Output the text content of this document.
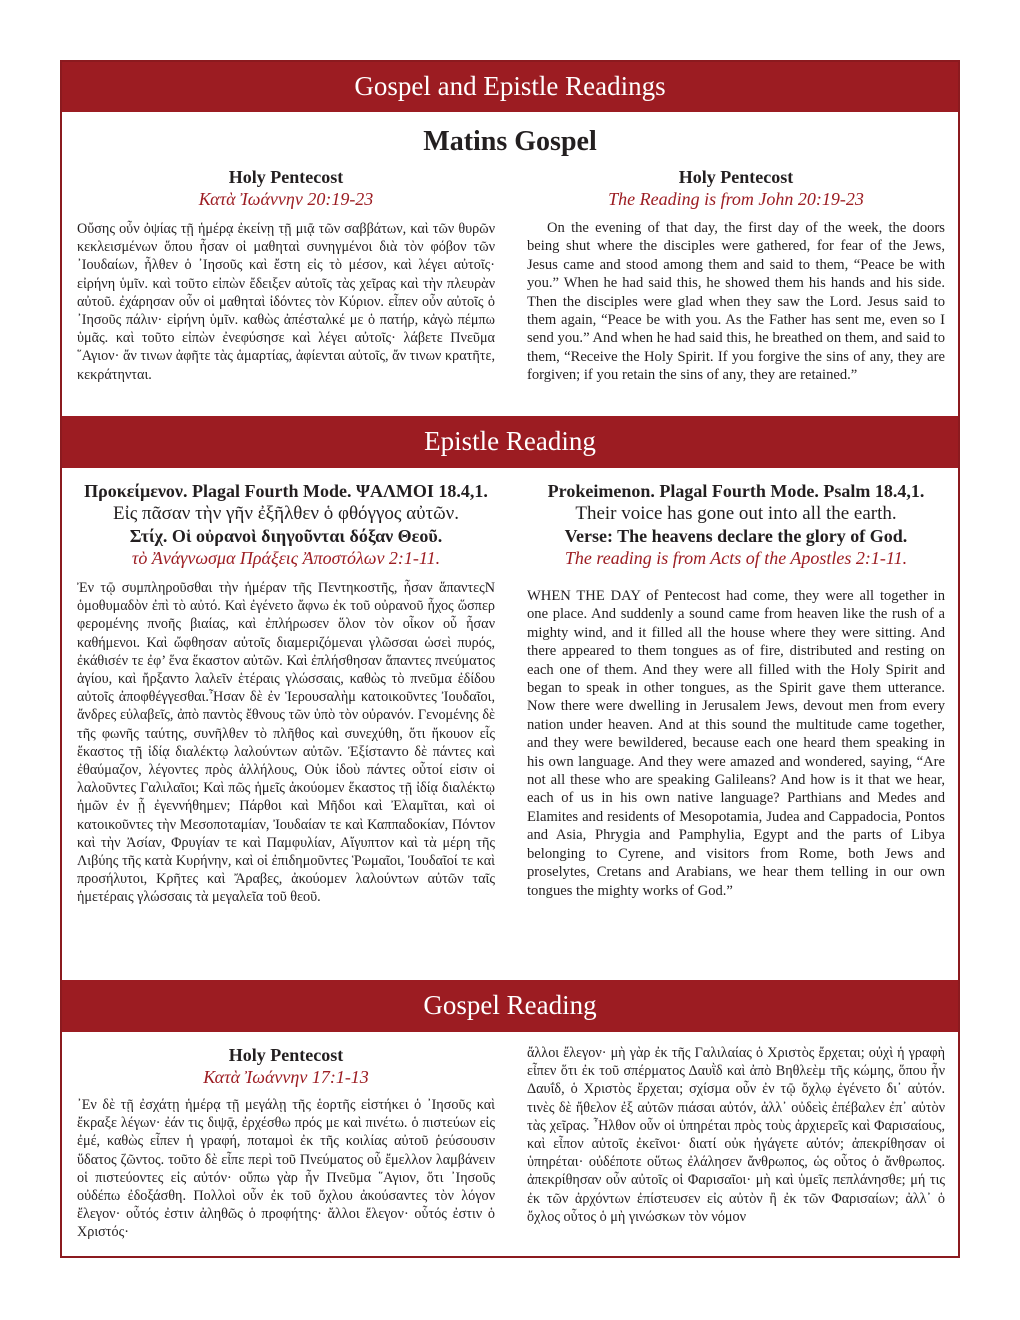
Gospel and Epistle Readings
Matins Gospel
Holy Pentecost
Κατὰ Ἰωάννην 20:19-23

Οὔσης οὖν ὀψίας τῇ ἡμέρᾳ ἐκείνῃ τῇ μιᾷ τῶν σαββάτων, καὶ τῶν θυρῶν κεκλεισμένων ὅπου ἦσαν οἱ μαθηταὶ συνηγμένοι διὰ τὸν φόβον τῶν ᾿Ιουδαίων, ἦλθεν ὁ ᾿Ιησοῦς καὶ ἔστη εἰς τὸ μέσον, καὶ λέγει αὐτοῖς· εἰρήνη ὑμῖν. καὶ τοῦτο εἰπὼν ἔδειξεν αὐτοῖς τὰς χεῖρας καὶ τὴν πλευρὰν αὐτοῦ. ἐχάρησαν οὖν οἱ μαθηταὶ ἰδόντες τὸν Κύριον. εἶπεν οὖν αὐτοῖς ὁ ᾿Ιησοῦς πάλιν· εἰρήνη ὑμῖν. καθὼς ἀπέσταλκέ με ὁ πατήρ, κἀγὼ πέμπω ὑμᾶς. καὶ τοῦτο εἰπὼν ἐνεφύσησε καὶ λέγει αὐτοῖς· λάβετε Πνεῦμα ῞Αγιον· ἄν τινων ἀφῆτε τὰς ἁμαρτίας, ἀφίενται αὐτοῖς, ἄν τινων κρατῆτε, κεκράτηνται.

Holy Pentecost
The Reading is from John 20:19-23

On the evening of that day, the first day of the week, the doors being shut where the disciples were gathered, for fear of the Jews, Jesus came and stood among them and said to them, “Peace be with you.” When he had said this, he showed them his hands and his side. Then the disciples were glad when they saw the Lord. Jesus said to them again, “Peace be with you. As the Father has sent me, even so I send you.” And when he had said this, he breathed on them, and said to them, “Receive the Holy Spirit. If you forgive the sins of any, they are forgiven; if you retain the sins of any, they are retained.”

Epistle Reading
Προκείμενον. Plagal Fourth Mode. ΨΑΛΜΟΙ 18.4,1.
Εἰς πᾶσαν τὴν γῆν ἐξῆλθεν ὁ φθόγγος αὐτῶν.
Στίχ. Οἱ οὐρανοὶ διηγοῦνται δόξαν Θεοῦ.
τὸ Ἀνάγνωσμα Πράξεις Ἀποστόλων 2:1-11.

Ἐν τῷ συμπληροῦσθαι τὴν ἡμέραν τῆς Πεντηκοστῆς, ἦσαν ἅπαντεςΝ ὁμοθυμαδὸν ἐπὶ τὸ αὐτό. Καὶ ἐγένετο ἄφνω ἐκ τοῦ οὐρανοῦ ἦχος ὥσπερ φερομένης πνοῆς βιαίας, καὶ ἐπλήρωσεν ὅλον τὸν οἶκον οὗ ἦσαν καθήμενοι. Καὶ ὤφθησαν αὐτοῖς διαμεριζόμεναι γλῶσσαι ὡσεὶ πυρός, ἐκάθισέν τε ἐφ’ ἕνα ἕκαστον αὐτῶν. Καὶ ἐπλήσθησαν ἅπαντες πνεύματος ἁγίου, καὶ ἤρξαντο λαλεῖν ἑτέραις γλώσσαις, καθὼς τὸ πνεῦμα ἐδίδου αὐτοῖς ἀποφθέγγεσθαι.Ἦσαν δὲ ἐν Ἱερουσαλὴμ κατοικοῦντες Ἰουδαῖοι, ἄνδρες εὐλαβεῖς, ἀπὸ παντὸς ἔθνους τῶν ὑπὸ τὸν οὐρανόν. Γενομένης δὲ τῆς φωνῆς ταύτης, συνῆλθεν τὸ πλῆθος καὶ συνεχύθη, ὅτι ἤκουον εἷς ἕκαστος τῇ ἰδίᾳ διαλέκτῳ λαλούντων αὐτῶν. Ἐξίσταντο δὲ πάντες καὶ ἐθαύμαζον, λέγοντες πρὸς ἀλλήλους, Οὐκ ἰδοὺ πάντες οὗτοί εἰσιν οἱ λαλοῦντες Γαλιλαῖοι; Καὶ πῶς ἡμεῖς ἀκούομεν ἕκαστος τῇ ἰδίᾳ διαλέκτῳ ἡμῶν ἐν ᾗ ἐγεννήθημεν; Πάρθοι καὶ Μῆδοι καὶ Ἐλαμῖται, καὶ οἱ κατοικοῦντες τὴν Μεσοποταμίαν, Ἰουδαίαν τε καὶ Καππαδοκίαν, Πόντον καὶ τὴν Ἀσίαν, Φρυγίαν τε καὶ Παμφυλίαν, Αἴγυπτον καὶ τὰ μέρη τῆς Λιβύης τῆς κατὰ Κυρήνην, καὶ οἱ ἐπιδημοῦντες Ῥωμαῖοι, Ἰουδαῖοί τε καὶ προσήλυτοι, Κρῆτες καὶ Ἄραβες, ἀκούομεν λαλούντων αὐτῶν ταῖς ἡμετέραις γλώσσαις τὰ μεγαλεῖα τοῦ θεοῦ.

Prokeimenon. Plagal Fourth Mode. Psalm 18.4,1.
Their voice has gone out into all the earth.
Verse: The heavens declare the glory of God.
The reading is from Acts of the Apostles 2:1-11.

WHEN THE DAY of Pentecost had come, they were all together in one place. And suddenly a sound came from heaven like the rush of a mighty wind, and it filled all the house where they were sitting. And there appeared to them tongues as of fire, distributed and resting on each one of them. And they were all filled with the Holy Spirit and began to speak in other tongues, as the Spirit gave them utterance. Now there were dwelling in Jerusalem Jews, devout men from every nation under heaven. And at this sound the multitude came together, and they were bewildered, because each one heard them speaking in his own language. And they were amazed and wondered, saying, “Are not all these who are speaking Galileans? And how is it that we hear, each of us in his own native language? Parthians and Medes and Elamites and residents of Mesopotamia, Judea and Cappadocia, Pontos and Asia, Phrygia and Pamphylia, Egypt and the parts of Libya belonging to Cyrene, and visitors from Rome, both Jews and proselytes, Cretans and Arabians, we hear them telling in our own tongues the mighty works of God.”

Gospel Reading
Holy Pentecost
Κατὰ Ἰωάννην 17:1-13

᾿Εν δὲ τῇ ἐσχάτῃ ἡμέρᾳ τῇ μεγάλῃ τῆς ἑορτῆς εἱστήκει ὁ ᾿Ιησοῦς καὶ ἔκραξε λέγων· ἐάν τις διψᾷ, ἐρχέσθω πρός με καὶ πινέτω. ὁ πιστεύων εἰς ἐμέ, καθὼς εἶπεν ἡ γραφή, ποταμοὶ ἐκ τῆς κοιλίας αὐτοῦ ῥεύσουσιν ὕδατος ζῶντος. τοῦτο δὲ εἶπε περὶ τοῦ Πνεύματος οὗ ἔμελλον λαμβάνειν οἱ πιστεύοντες εἰς αὐτόν· οὔπω γὰρ ἦν Πνεῦμα ῞Αγιον, ὅτι ᾿Ιησοῦς οὐδέπω ἐδοξάσθη. Πολλοὶ οὖν ἐκ τοῦ ὄχλου ἀκούσαντες τὸν λόγον ἔλεγον· οὗτός ἐστιν ἀληθῶς ὁ προφήτης· ἄλλοι ἔλεγον· οὗτός ἐστιν ὁ Χριστός·

ἄλλοι ἔλεγον· μὴ γὰρ ἐκ τῆς Γαλιλαίας ὁ Χριστὸς ἔρχεται; οὐχὶ ἡ γραφὴ εἶπεν ὅτι ἐκ τοῦ σπέρματος Δαυῒδ καὶ ἀπὸ Βηθλεὲμ τῆς κώμης, ὅπου ἦν Δαυΐδ, ὁ Χριστὸς ἔρχεται; σχίσμα οὖν ἐν τῷ ὄχλῳ ἐγένετο δι᾿ αὐτόν. τινὲς δὲ ἤθελον ἐξ αὐτῶν πιάσαι αὐτόν, ἀλλ᾿ οὐδεὶς ἐπέβαλεν ἐπ᾿ αὐτὸν τὰς χεῖρας. ῏Ηλθον οὖν οἱ ὑπηρέται πρὸς τοὺς ἀρχιερεῖς καὶ Φαρισαίους, καὶ εἶπον αὐτοῖς ἐκεῖνοι· διατί οὐκ ἠγάγετε αὐτόν; ἀπεκρίθησαν οἱ ὑπηρέται· οὐδέποτε οὕτως ἐλάλησεν ἄνθρωπος, ὡς οὗτος ὁ ἄνθρωπος. ἀπεκρίθησαν οὖν αὐτοῖς οἱ Φαρισαῖοι· μὴ καὶ ὑμεῖς πεπλάνησθε; μή τις ἐκ τῶν ἀρχόντων ἐπίστευσεν εἰς αὐτὸν ἢ ἐκ τῶν Φαρισαίων; ἀλλ᾿ ὁ ὄχλος οὗτος ὁ μὴ γινώσκων τὸν νόμον
